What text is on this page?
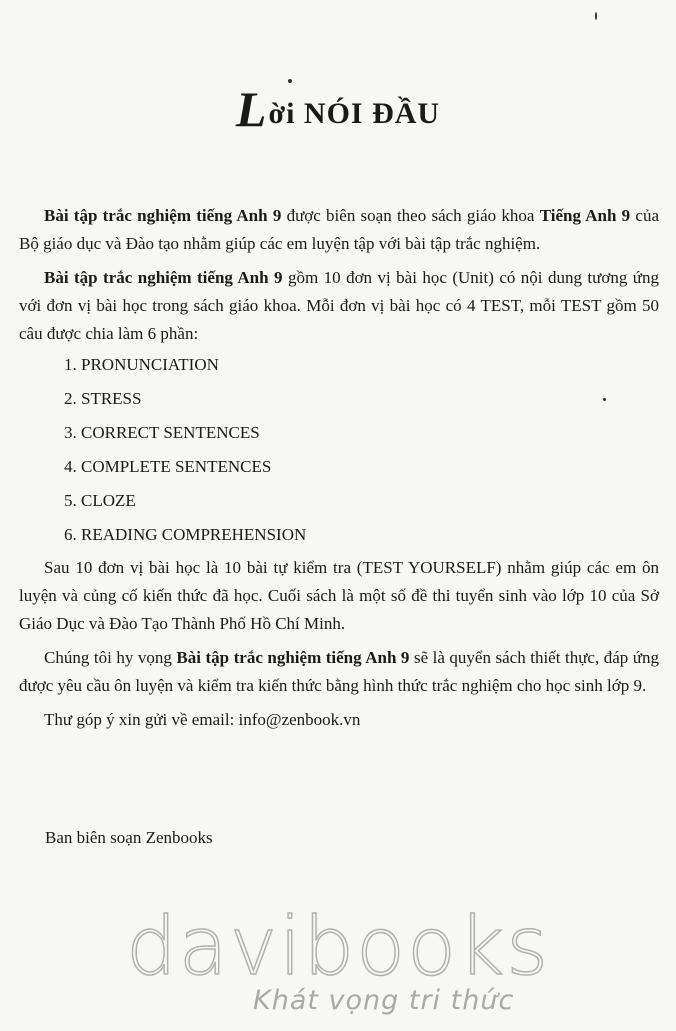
Lời NÓI ĐẦU

Bài tập trắc nghiệm tiếng Anh 9 được biên soạn theo sách giáo khoa Tiếng Anh 9 của Bộ giáo dục và Đào tạo nhằm giúp các em luyện tập với bài tập trắc nghiệm.

Bài tập trắc nghiệm tiếng Anh 9 gồm 10 đơn vị bài học (Unit) có nội dung tương ứng với đơn vị bài học trong sách giáo khoa. Mỗi đơn vị bài học có 4 TEST, mỗi TEST gồm 50 câu được chia làm 6 phần:

1. PRONUNCIATION
2. STRESS
3. CORRECT SENTENCES
4. COMPLETE SENTENCES
5. CLOZE
6. READING COMPREHENSION

Sau 10 đơn vị bài học là 10 bài tự kiểm tra (TEST YOURSELF) nhằm giúp các em ôn luyện và củng cố kiến thức đã học. Cuối sách là một số đề thi tuyển sinh vào lớp 10 của Sở Giáo Dục và Đào Tạo Thành Phố Hồ Chí Minh.

Chúng tôi hy vọng Bài tập trắc nghiệm tiếng Anh 9 sẽ là quyển sách thiết thực, đáp ứng được yêu cầu ôn luyện và kiểm tra kiến thức bằng hình thức trắc nghiệm cho học sinh lớp 9.

Thư góp ý xin gửi về email: info@zenbook.vn

Ban biên soạn Zenbooks
davibooks
Khát vọng tri thức
